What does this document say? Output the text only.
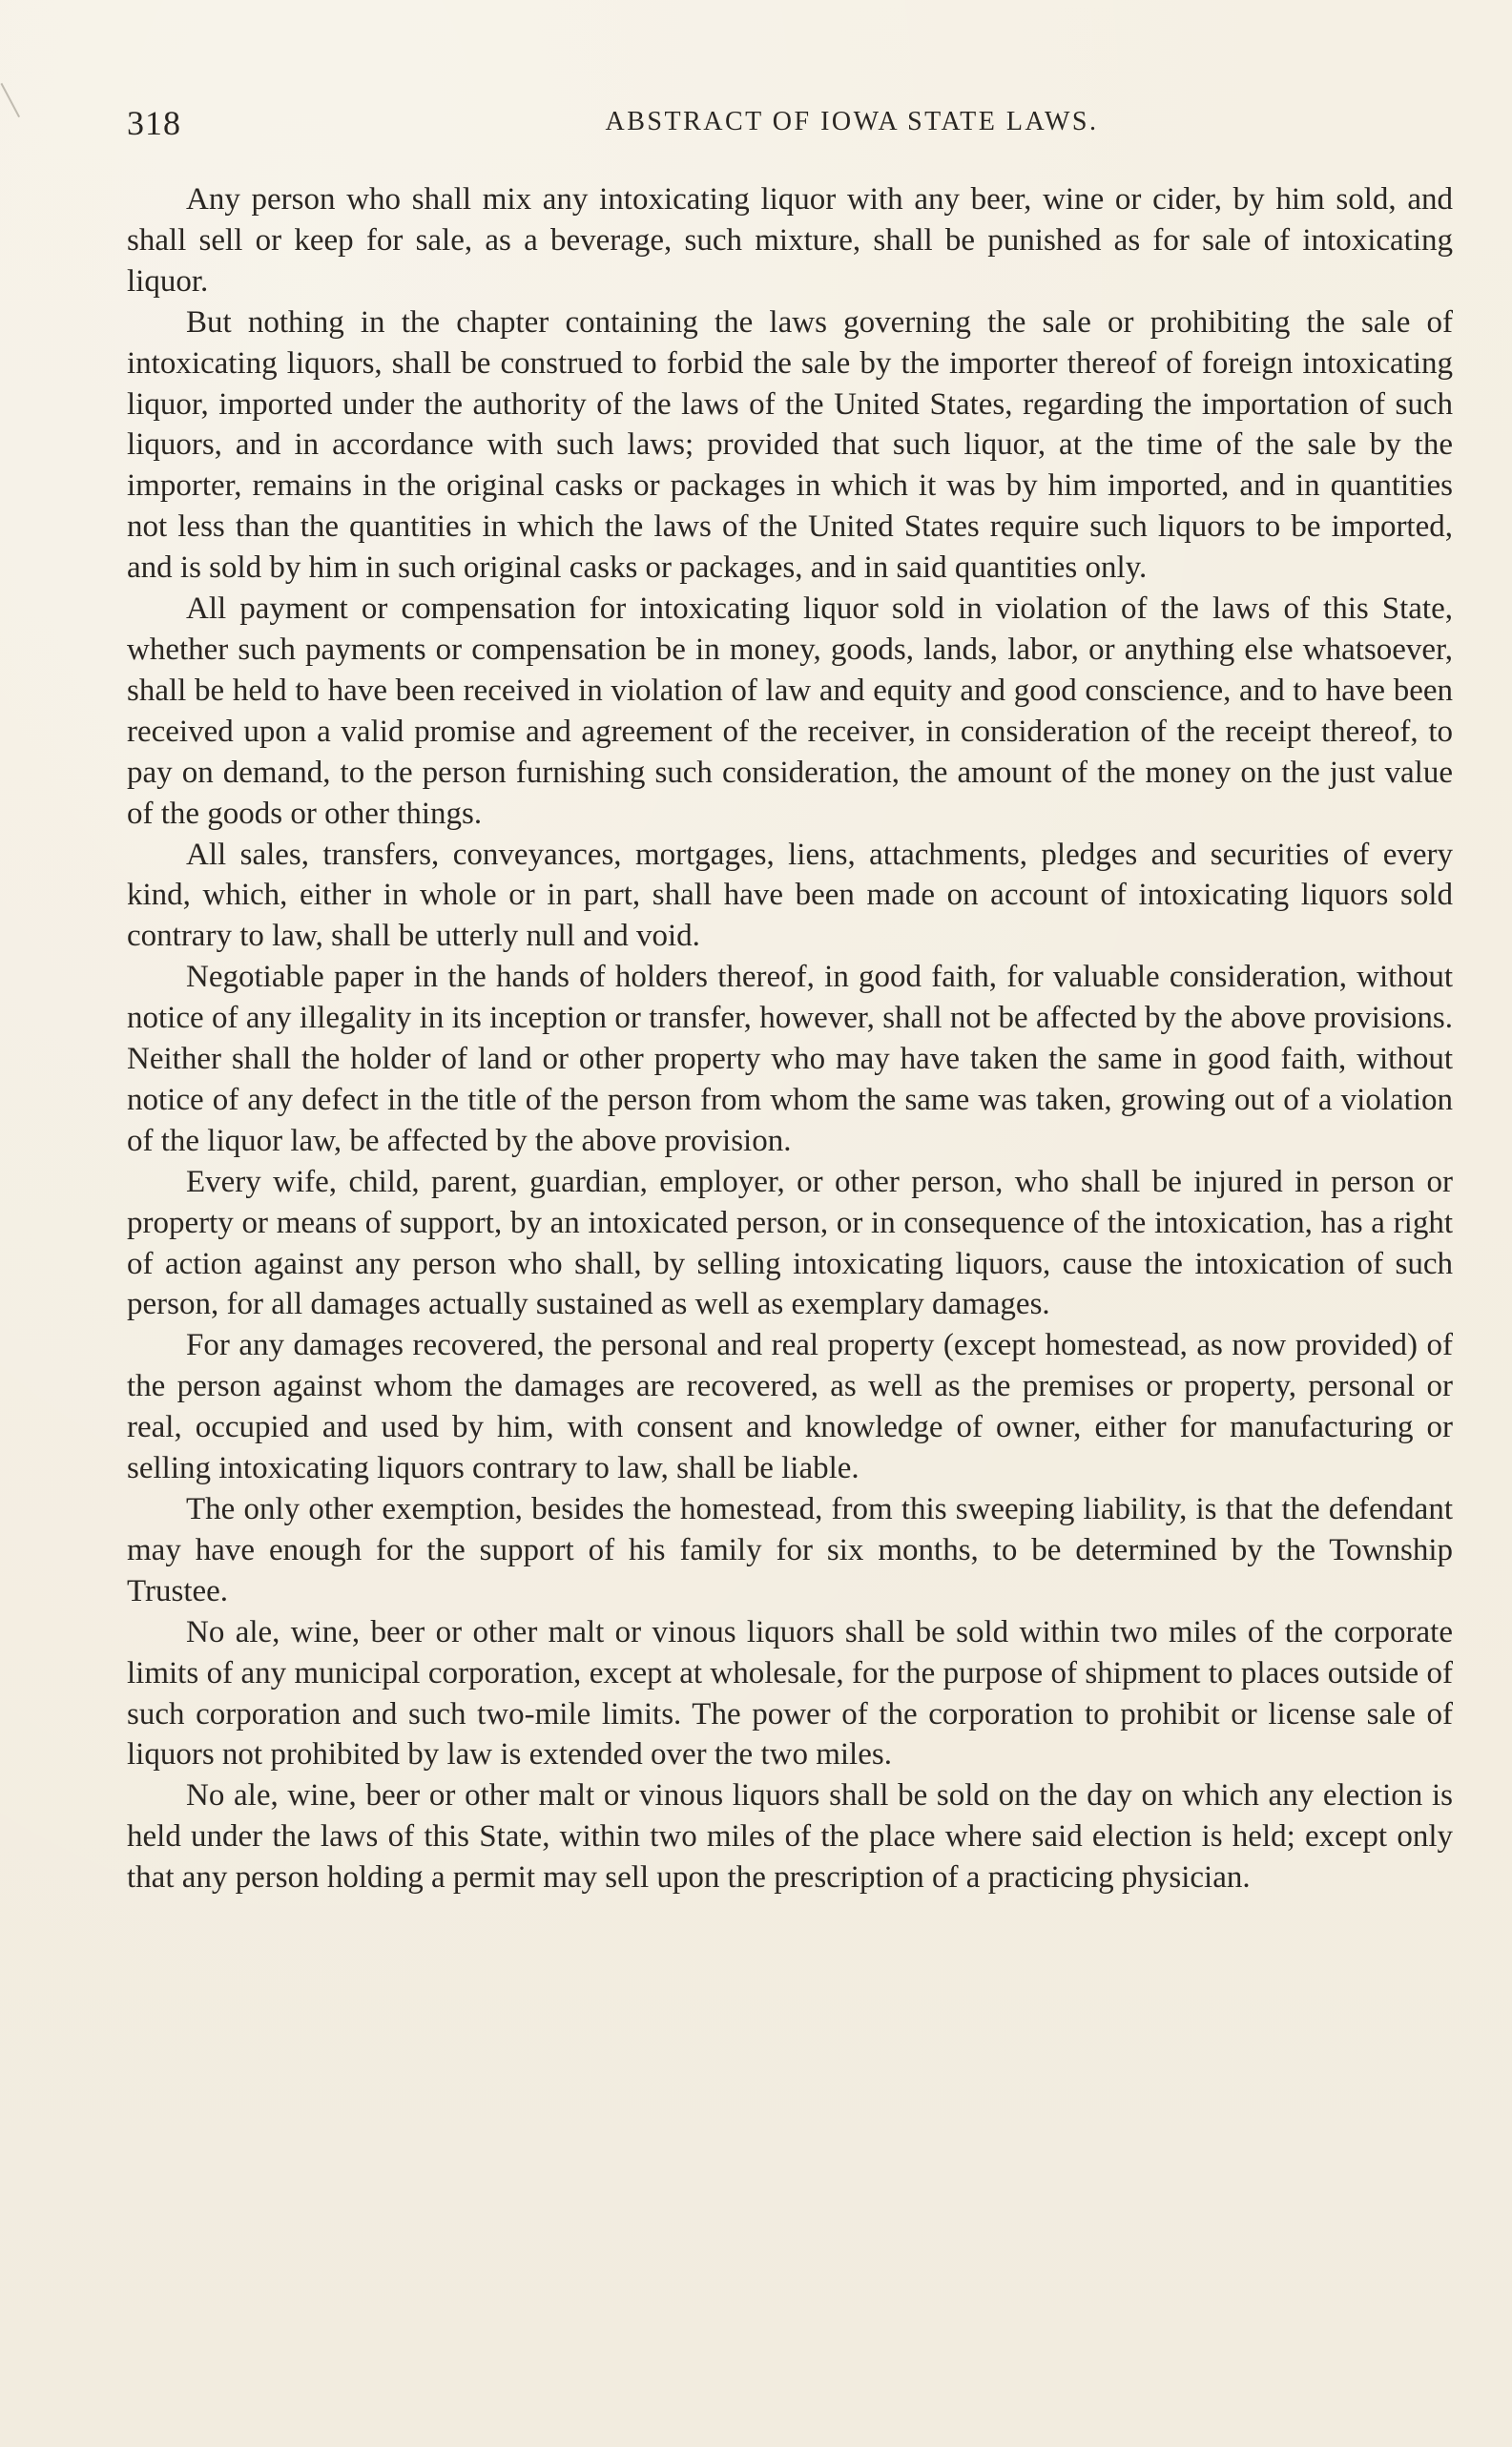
318	ABSTRACT OF IOWA STATE LAWS.

Any person who shall mix any intoxicating liquor with any beer, wine or cider, by him sold, and shall sell or keep for sale, as a beverage, such mixture, shall be punished as for sale of intoxicating liquor.

But nothing in the chapter containing the laws governing the sale or prohibiting the sale of intoxicating liquors, shall be construed to forbid the sale by the importer thereof of foreign intoxicating liquor, imported under the authority of the laws of the United States, regarding the importation of such liquors, and in accordance with such laws; provided that such liquor, at the time of the sale by the importer, remains in the original casks or packages in which it was by him imported, and in quantities not less than the quantities in which the laws of the United States require such liquors to be imported, and is sold by him in such original casks or packages, and in said quantities only.

All payment or compensation for intoxicating liquor sold in violation of the laws of this State, whether such payments or compensation be in money, goods, lands, labor, or anything else whatsoever, shall be held to have been received in violation of law and equity and good conscience, and to have been received upon a valid promise and agreement of the receiver, in consideration of the receipt thereof, to pay on demand, to the person furnishing such consideration, the amount of the money on the just value of the goods or other things.

All sales, transfers, conveyances, mortgages, liens, attachments, pledges and securities of every kind, which, either in whole or in part, shall have been made on account of intoxicating liquors sold contrary to law, shall be utterly null and void.

Negotiable paper in the hands of holders thereof, in good faith, for valuable consideration, without notice of any illegality in its inception or transfer, however, shall not be affected by the above provisions. Neither shall the holder of land or other property who may have taken the same in good faith, without notice of any defect in the title of the person from whom the same was taken, growing out of a violation of the liquor law, be affected by the above provision.

Every wife, child, parent, guardian, employer, or other person, who shall be injured in person or property or means of support, by an intoxicated person, or in consequence of the intoxication, has a right of action against any person who shall, by selling intoxicating liquors, cause the intoxication of such person, for all damages actually sustained as well as exemplary damages.

For any damages recovered, the personal and real property (except homestead, as now provided) of the person against whom the damages are recovered, as well as the premises or property, personal or real, occupied and used by him, with consent and knowledge of owner, either for manufacturing or selling intoxicating liquors contrary to law, shall be liable.

The only other exemption, besides the homestead, from this sweeping liability, is that the defendant may have enough for the support of his family for six months, to be determined by the Township Trustee.

No ale, wine, beer or other malt or vinous liquors shall be sold within two miles of the corporate limits of any municipal corporation, except at wholesale, for the purpose of shipment to places outside of such corporation and such two-mile limits. The power of the corporation to prohibit or license sale of liquors not prohibited by law is extended over the two miles.

No ale, wine, beer or other malt or vinous liquors shall be sold on the day on which any election is held under the laws of this State, within two miles of the place where said election is held; except only that any person holding a permit may sell upon the prescription of a practicing physician.
